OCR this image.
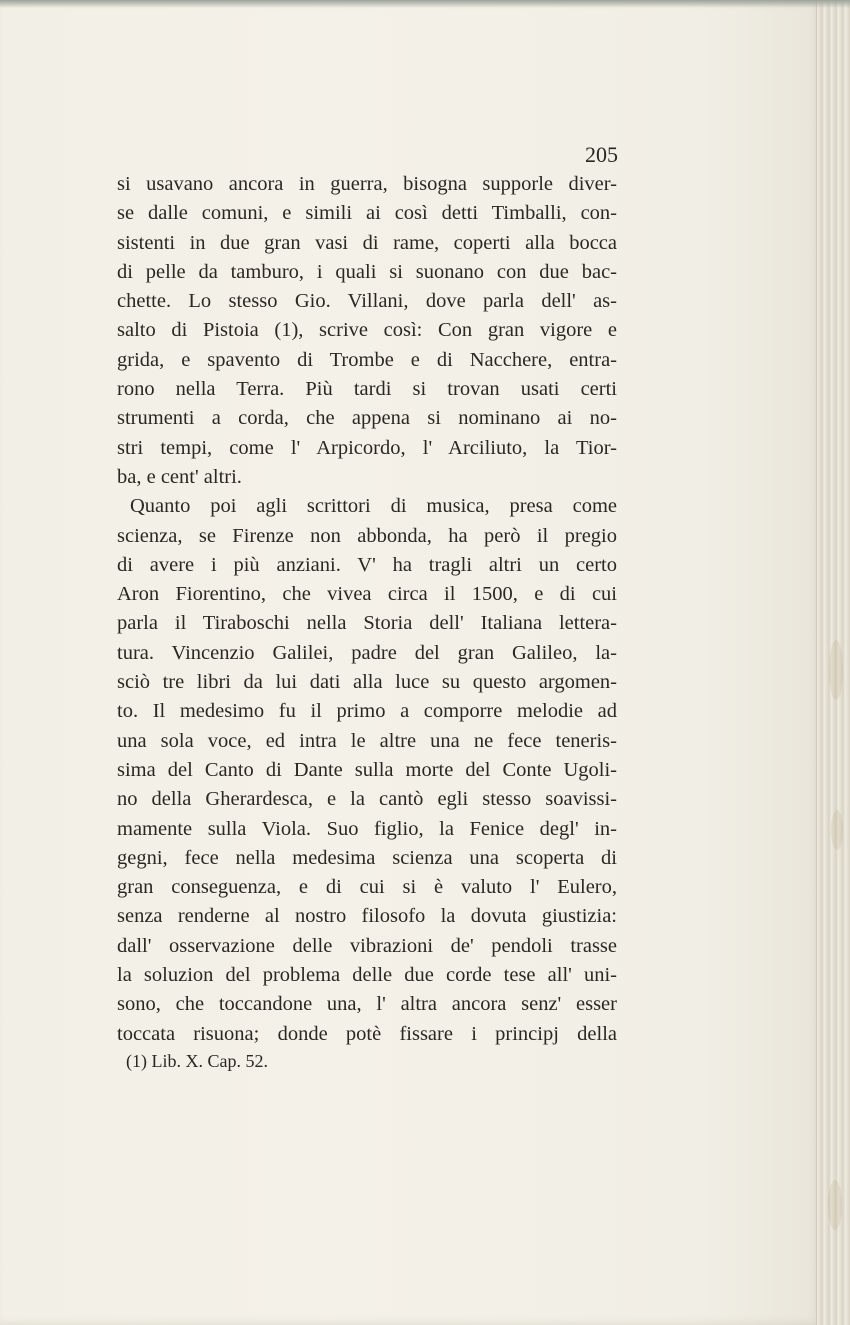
205
si usavano ancora in guerra, bisogna supporle diver-
se dalle comuni, e simili ai così detti Timballi, con-
sistenti in due gran vasi di rame, coperti alla bocca
di pelle da tamburo, i quali si suonano con due bac-
chette. Lo stesso Gio. Villani, dove parla dell' as-
salto di Pistoia (1), scrive così: Con gran vigore e
grida, e spavento di Trombe e di Nacchere, entra-
rono nella Terra. Più tardi si trovan usati certi
strumenti a corda, che appena si nominano ai no-
stri tempi, come l' Arpicordo, l' Arciliuto, la Tior-
ba, e cent' altri.
Quanto poi agli scrittori di musica, presa come
scienza, se Firenze non abbonda, ha però il pregio
di avere i più anziani. V' ha tragli altri un certo
Aron Fiorentino, che vivea circa il 1500, e di cui
parla il Tiraboschi nella Storia dell' Italiana lettera-
tura. Vincenzio Galilei, padre del gran Galileo, la-
sciò tre libri da lui dati alla luce su questo argomen-
to. Il medesimo fu il primo a comporre melodie ad
una sola voce, ed intra le altre una ne fece teneris-
sima del Canto di Dante sulla morte del Conte Ugoli-
no della Gherardesca, e la cantò egli stesso soavissi-
mamente sulla Viola. Suo figlio, la Fenice degl' in-
gegni, fece nella medesima scienza una scoperta di
gran conseguenza, e di cui si è valuto l' Eulero,
senza renderne al nostro filosofo la dovuta giustizia:
dall' osservazione delle vibrazioni de' pendoli trasse
la soluzion del problema delle due corde tese all' uni-
sono, che toccandone una, l' altra ancora senz' esser
toccata risuona; donde potè fissare i principj della
(1) Lib. X. Cap. 52.
